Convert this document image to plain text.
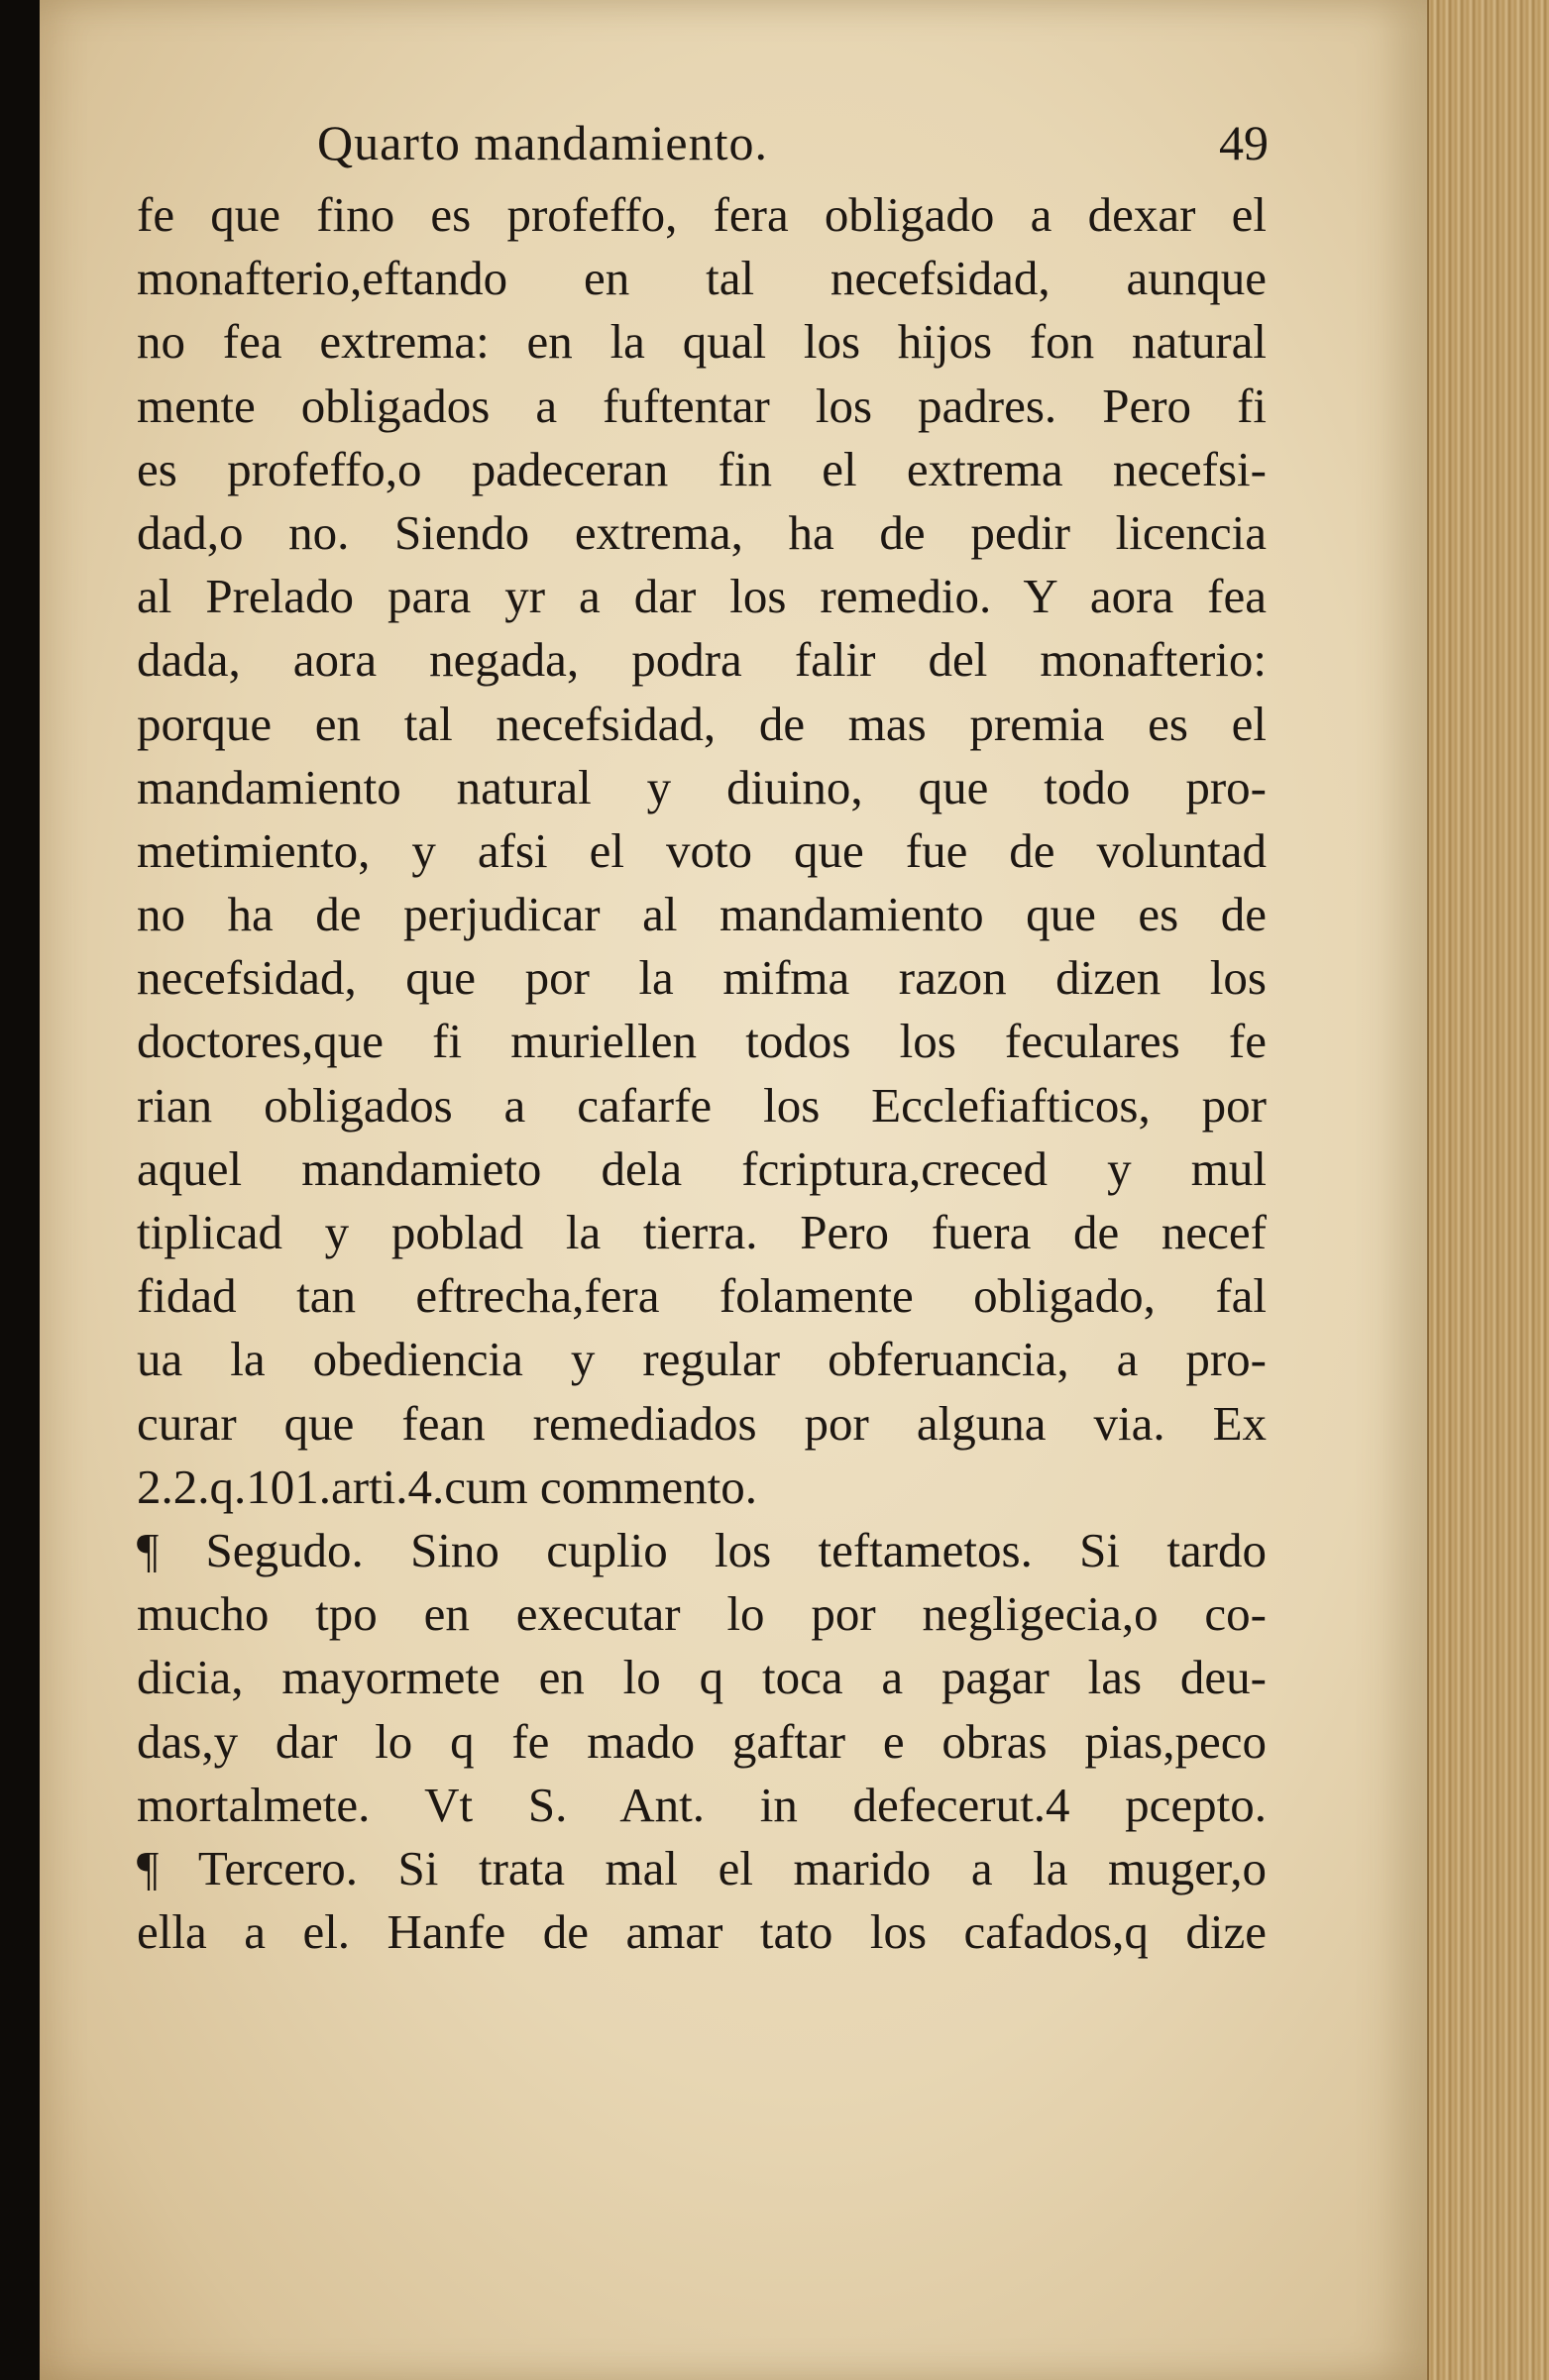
Quarto mandamiento.	49
fe que fino es profeffo, fera obligado a dexar el
monafterio,eftando en tal necefsidad, aunque
no fea extrema: en la qual los hijos fon natural
mente obligados a fuftentar los padres. Pero fi
es profeffo,o padeceran fin el extrema necefsi-
dad,o no. Siendo extrema, ha de pedir licencia
al Prelado para yr a dar los remedio. Y aora fea
dada, aora negada, podra falir del monafterio:
porque en tal necefsidad, de mas premia es el
mandamiento natural y diuino, que todo pro-
metimiento, y afsi el voto que fue de voluntad
no ha de perjudicar al mandamiento que es de
necefsidad, que por la mifma razon dizen los
doctores,que fi muriellen todos los feculares fe
rian obligados a cafarfe los Ecclefiafticos, por
aquel mandamieto dela fcriptura,creced y mul
tiplicad y poblad la tierra. Pero fuera de necef
fidad tan eftrecha,fera folamente obligado, fal
ua la obediencia y regular obferuancia, a pro-
curar que fean remediados por alguna via. Ex
2.2.q.101.arti.4.cum commento.
¶ Segudo. Sino cuplio los teftametos. Si tardo
mucho tpo en executar lo por negligecia,o co-
dicia, mayormete en lo q toca a pagar las deu-
das,y dar lo q fe mado gaftar e obras pias,peco
mortalmete. Vt S. Ant. in defecerut.4 pcepto.
¶ Tercero. Si trata mal el marido a la muger,o
ella a el. Hanfe de amar tato los cafados,q dize
